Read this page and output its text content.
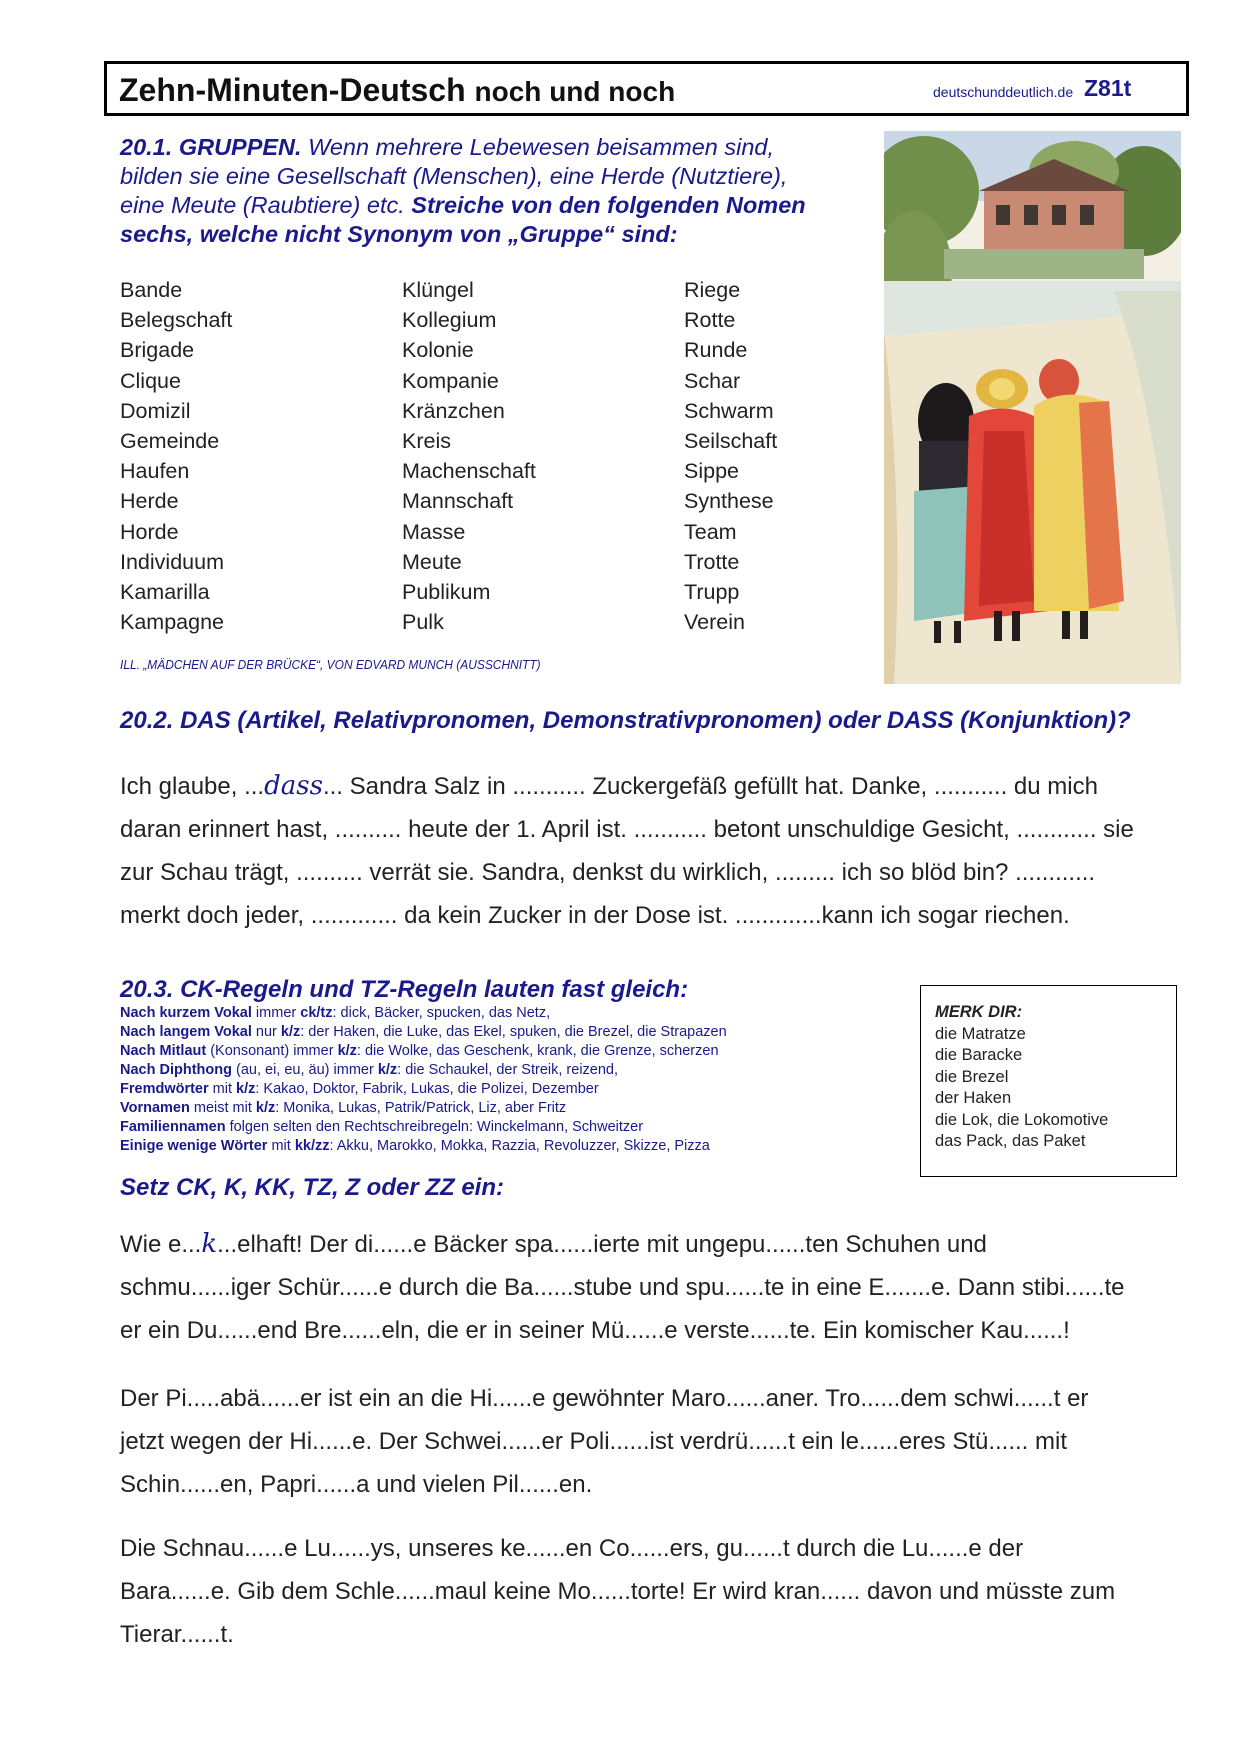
Zehn-Minuten-Deutsch noch und noch	deutschunddeutlich.de Z81t
20.1. GRUPPEN. Wenn mehrere Lebewesen beisammen sind,
bilden sie eine Gesellschaft (Menschen), eine Herde (Nutztiere),
eine Meute (Raubtiere) etc. Streiche von den folgenden Nomen
sechs, welche nicht Synonym von „Gruppe“ sind:
Bande
Belegschaft
Brigade
Clique
Domizil
Gemeinde
Haufen
Herde
Horde
Individuum
Kamarilla
Kampagne
Klüngel
Kollegium
Kolonie
Kompanie
Kränzchen
Kreis
Machenschaft
Mannschaft
Masse
Meute
Publikum
Pulk
Riege
Rotte
Runde
Schar
Schwarm
Seilschaft
Sippe
Synthese
Team
Trotte
Trupp
Verein
ILL. „MÄDCHEN AUF DER BRÜCKE“, VON EDVARD MUNCH (AUSSCHNITT)
20.2. DAS (Artikel, Relativpronomen, Demonstrativpronomen) oder DASS (Konjunktion)?
Ich glaube, ...dass... Sandra Salz in ........... Zuckergefäß gefüllt hat. Danke, ........... du mich
daran erinnert hast, .......... heute der 1. April ist. ........... betont unschuldige Gesicht, ............ sie
zur Schau trägt, .......... verrät sie. Sandra, denkst du wirklich, ......... ich so blöd bin? ............
merkt doch jeder, ............. da kein Zucker in der Dose ist. .............kann ich sogar riechen.
20.3. CK-Regeln und TZ-Regeln lauten fast gleich:
Nach kurzem Vokal immer ck/tz: dick, Bäcker, spucken, das Netz,
Nach langem Vokal nur k/z: der Haken, die Luke, das Ekel, spuken, die Brezel, die Strapazen
Nach Mitlaut (Konsonant) immer k/z: die Wolke, das Geschenk, krank, die Grenze, scherzen
Nach Diphthong (au, ei, eu, äu) immer k/z: die Schaukel, der Streik, reizend,
Fremdwörter mit k/z: Kakao, Doktor, Fabrik, Lukas, die Polizei, Dezember
Vornamen meist mit k/z: Monika, Lukas, Patrik/Patrick, Liz, aber Fritz
Familiennamen folgen selten den Rechtschreibregeln: Winckelmann, Schweitzer
Einige wenige Wörter mit kk/zz: Akku, Marokko, Mokka, Razzia, Revoluzzer, Skizze, Pizza
MERK DIR:
die Matratze
die Baracke
die Brezel
der Haken
die Lok, die Lokomotive
das Pack, das Paket
Setz CK, K, KK, TZ, Z oder ZZ ein:
Wie e...k...elhaft! Der di......e Bäcker spa......ierte mit ungepu......ten Schuhen und
schmu......iger Schür......e durch die Ba......stube und spu......te in eine E.......e. Dann stibi......te
er ein Du......end Bre......eln, die er in seiner Mü......e verste......te. Ein komischer Kau......!
Der Pi.....abä......er ist ein an die Hi......e gewöhnter Maro......aner. Tro......dem schwi......t er
jetzt wegen der Hi......e. Der Schwei......er Poli......ist verdrü......t ein le......eres Stü...... mit
Schin......en, Papri......a und vielen Pil......en.
Die Schnau......e Lu......ys, unseres ke......en Co......ers, gu......t durch die Lu......e der
Bara......e. Gib dem Schle......maul keine Mo......torte! Er wird kran...... davon und müsste zum
Tierar......t.
